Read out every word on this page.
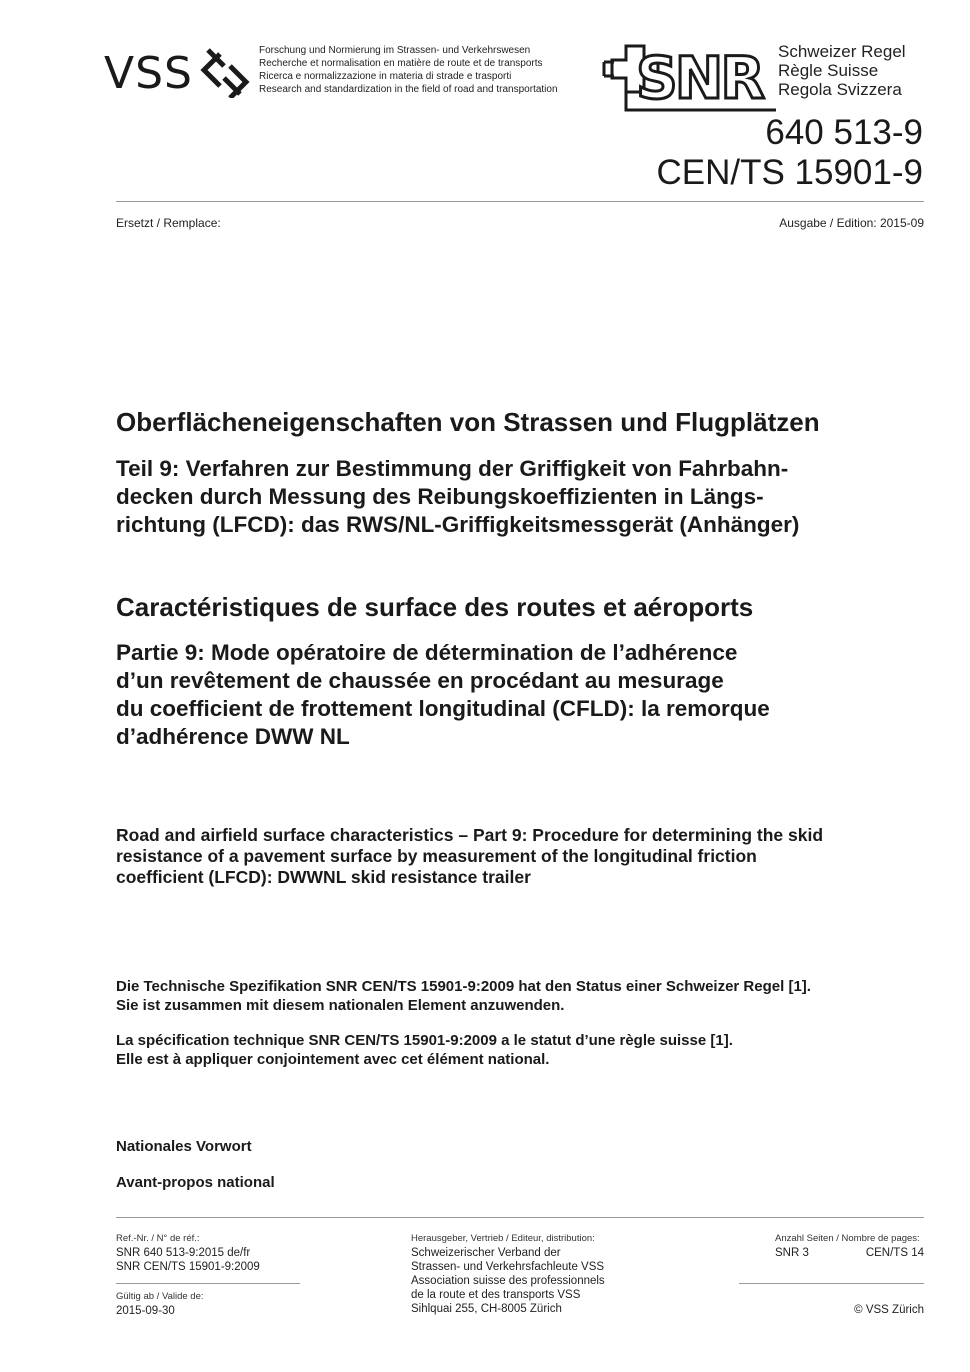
VSS	Forschung und Normierung im Strassen- und Verkehrswesen
Recherche et normalisation en matière de route et de transports
Ricerca e normalizzazione in materia di strade e trasporti
Research and standardization in the field of road and transportation SNR Schweizer Regel
Règle Suisse
Regola Svizzera
640 513-9
CEN/TS 15901-9
Ersetzt / Remplace:	Ausgabe / Edition: 2015-09
Oberflächeneigenschaften von Strassen und Flugplätzen
Teil 9: Verfahren zur Bestimmung der Griffigkeit von Fahrbahn-
decken durch Messung des Reibungskoeffizienten in Längs-
richtung (LFCD): das RWS/NL-Griffigkeitsmessgerät (Anhänger)
Caractéristiques de surface des routes et aéroports
Partie 9: Mode opératoire de détermination de l’adhérence
d’un revêtement de chaussée en procédant au mesurage
du coefficient de frottement longitudinal (CFLD): la remorque
d’adhérence DWW NL
Road and airfield surface characteristics – Part 9: Procedure for determining the skid
resistance of a pavement surface by measurement of the longitudinal friction
coefficient (LFCD): DWWNL skid resistance trailer
Die Technische Spezifikation SNR CEN/TS 15901-9:2009 hat den Status einer Schweizer Regel [1].
Sie ist zusammen mit diesem nationalen Element anzuwenden.
La spécification technique SNR CEN/TS 15901-9:2009 a le statut d’une règle suisse [1].
Elle est à appliquer conjointement avec cet élément national.
Nationales Vorwort
Avant-propos national
Ref.-Nr. / N° de réf.:
SNR 640 513-9:2015 de/fr
SNR CEN/TS 15901-9:2009
Gültig ab / Valide de:
2015-09-30
Herausgeber, Vertrieb / Editeur, distribution:
Schweizerischer Verband der
Strassen- und Verkehrsfachleute VSS
Association suisse des professionnels
de la route et des transports VSS
Sihlquai 255, CH-8005 Zürich
Anzahl Seiten / Nombre de pages:
SNR 3	CEN/TS 14
© VSS Zürich
